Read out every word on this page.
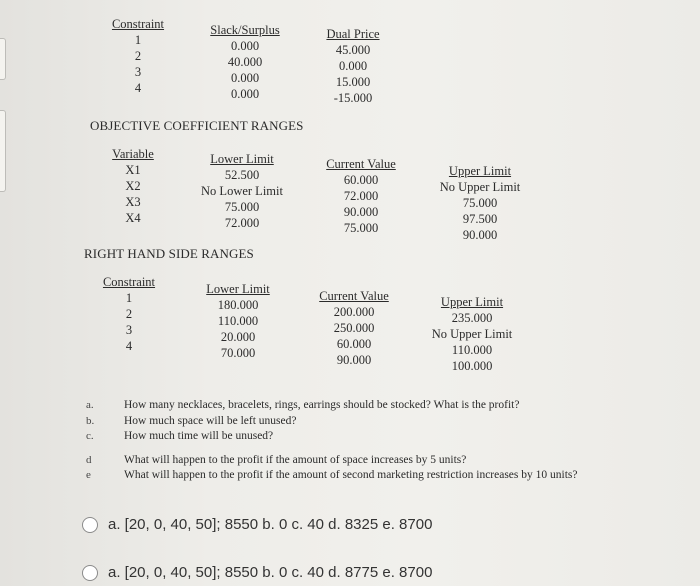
Constraint
1
2
3
4
Slack/Surplus
0.000
40.000
0.000
0.000
Dual Price
45.000
0.000
15.000
-15.000
OBJECTIVE COEFFICIENT RANGES
Variable
X1
X2
X3
X4
Lower Limit
52.500
No Lower Limit
75.000
72.000
Current Value
60.000
72.000
90.000
75.000
Upper Limit
No Upper Limit
75.000
97.500
90.000
RIGHT HAND SIDE RANGES
Constraint
1
2
3
4
Lower Limit
180.000
110.000
20.000
70.000
Current Value
200.000
250.000
60.000
90.000
Upper Limit
235.000
No Upper Limit
110.000
100.000
a.
b.
c.
d
e
How many necklaces, bracelets, rings, earrings should be stocked? What is the profit?
How much space will be left unused?
How much time will be unused?
What will happen to the profit if the amount of space increases by 5 units?
What will happen to the profit if the amount of second marketing restriction increases by 10 units?
a. [20, 0, 40, 50]; 8550 b. 0 c. 40 d. 8325 e. 8700
a. [20, 0, 40, 50]; 8550 b. 0 c. 40 d. 8775 e. 8700
